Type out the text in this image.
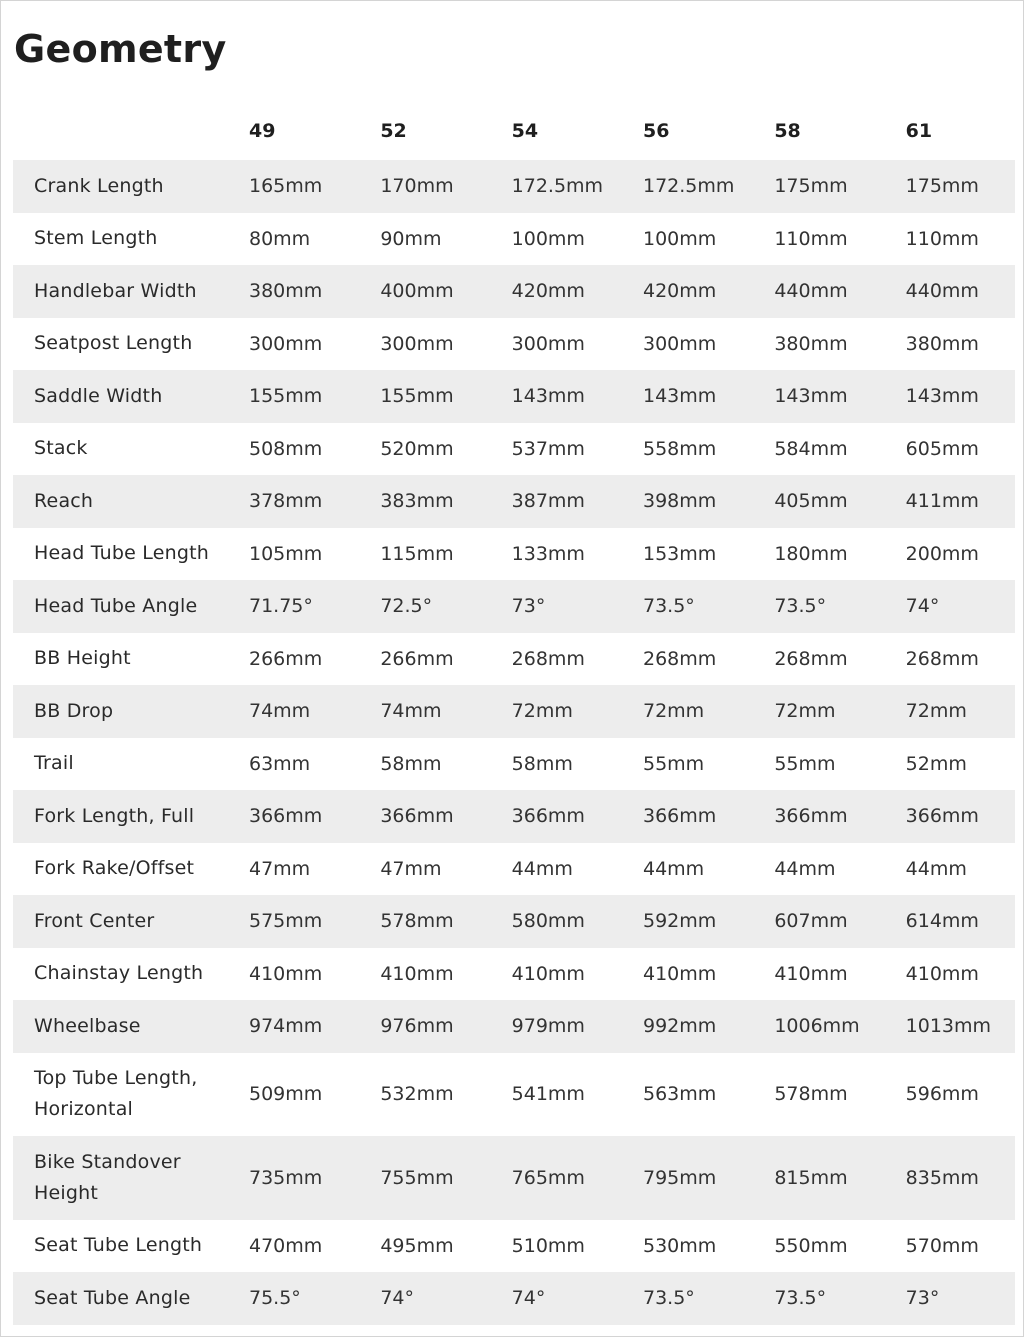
Geometry
	49	52	54	56	58	61
Crank Length	165mm	170mm	172.5mm	172.5mm	175mm	175mm
Stem Length	80mm	90mm	100mm	100mm	110mm	110mm
Handlebar Width	380mm	400mm	420mm	420mm	440mm	440mm
Seatpost Length	300mm	300mm	300mm	300mm	380mm	380mm
Saddle Width	155mm	155mm	143mm	143mm	143mm	143mm
Stack	508mm	520mm	537mm	558mm	584mm	605mm
Reach	378mm	383mm	387mm	398mm	405mm	411mm
Head Tube Length	105mm	115mm	133mm	153mm	180mm	200mm
Head Tube Angle	71.75°	72.5°	73°	73.5°	73.5°	74°
BB Height	266mm	266mm	268mm	268mm	268mm	268mm
BB Drop	74mm	74mm	72mm	72mm	72mm	72mm
Trail	63mm	58mm	58mm	55mm	55mm	52mm
Fork Length, Full	366mm	366mm	366mm	366mm	366mm	366mm
Fork Rake/Offset	47mm	47mm	44mm	44mm	44mm	44mm
Front Center	575mm	578mm	580mm	592mm	607mm	614mm
Chainstay Length	410mm	410mm	410mm	410mm	410mm	410mm
Wheelbase	974mm	976mm	979mm	992mm	1006mm	1013mm
Top Tube Length, Horizontal	509mm	532mm	541mm	563mm	578mm	596mm
Bike Standover Height	735mm	755mm	765mm	795mm	815mm	835mm
Seat Tube Length	470mm	495mm	510mm	530mm	550mm	570mm
Seat Tube Angle	75.5°	74°	74°	73.5°	73.5°	73°
